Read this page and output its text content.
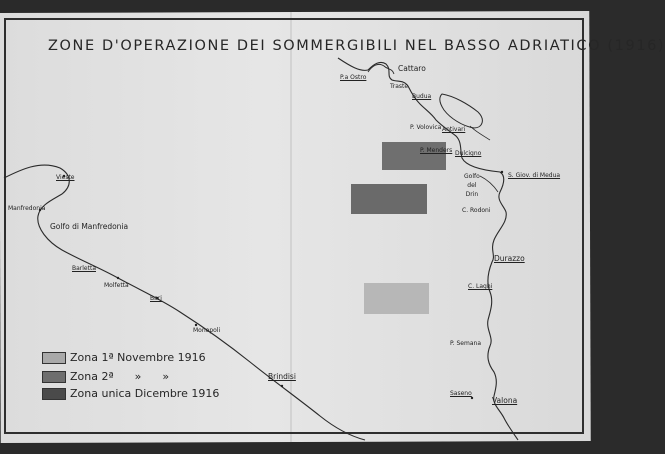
ZONE D'OPERAZIONE DEI SOMMERGIBILI NEL BASSO ADRIATICO (1916)
Cattaro
P.a Ostro
Traste
Budua
P. Volovica Antivari
P. Menders Dulcigno
S. Giov. di Medua
Golfo
del
Drin
C. Rodoni
Durazzo
C. Laghi
P. Semana
Saseno
Valona
Vieste
Manfredonia
Golfo di Manfredonia
Barletta
Molfetta
Bari
Monopoli
Brindisi
Zona 1ª Novembre 1916
Zona 2ª      »      »
Zona unica Dicembre 1916
